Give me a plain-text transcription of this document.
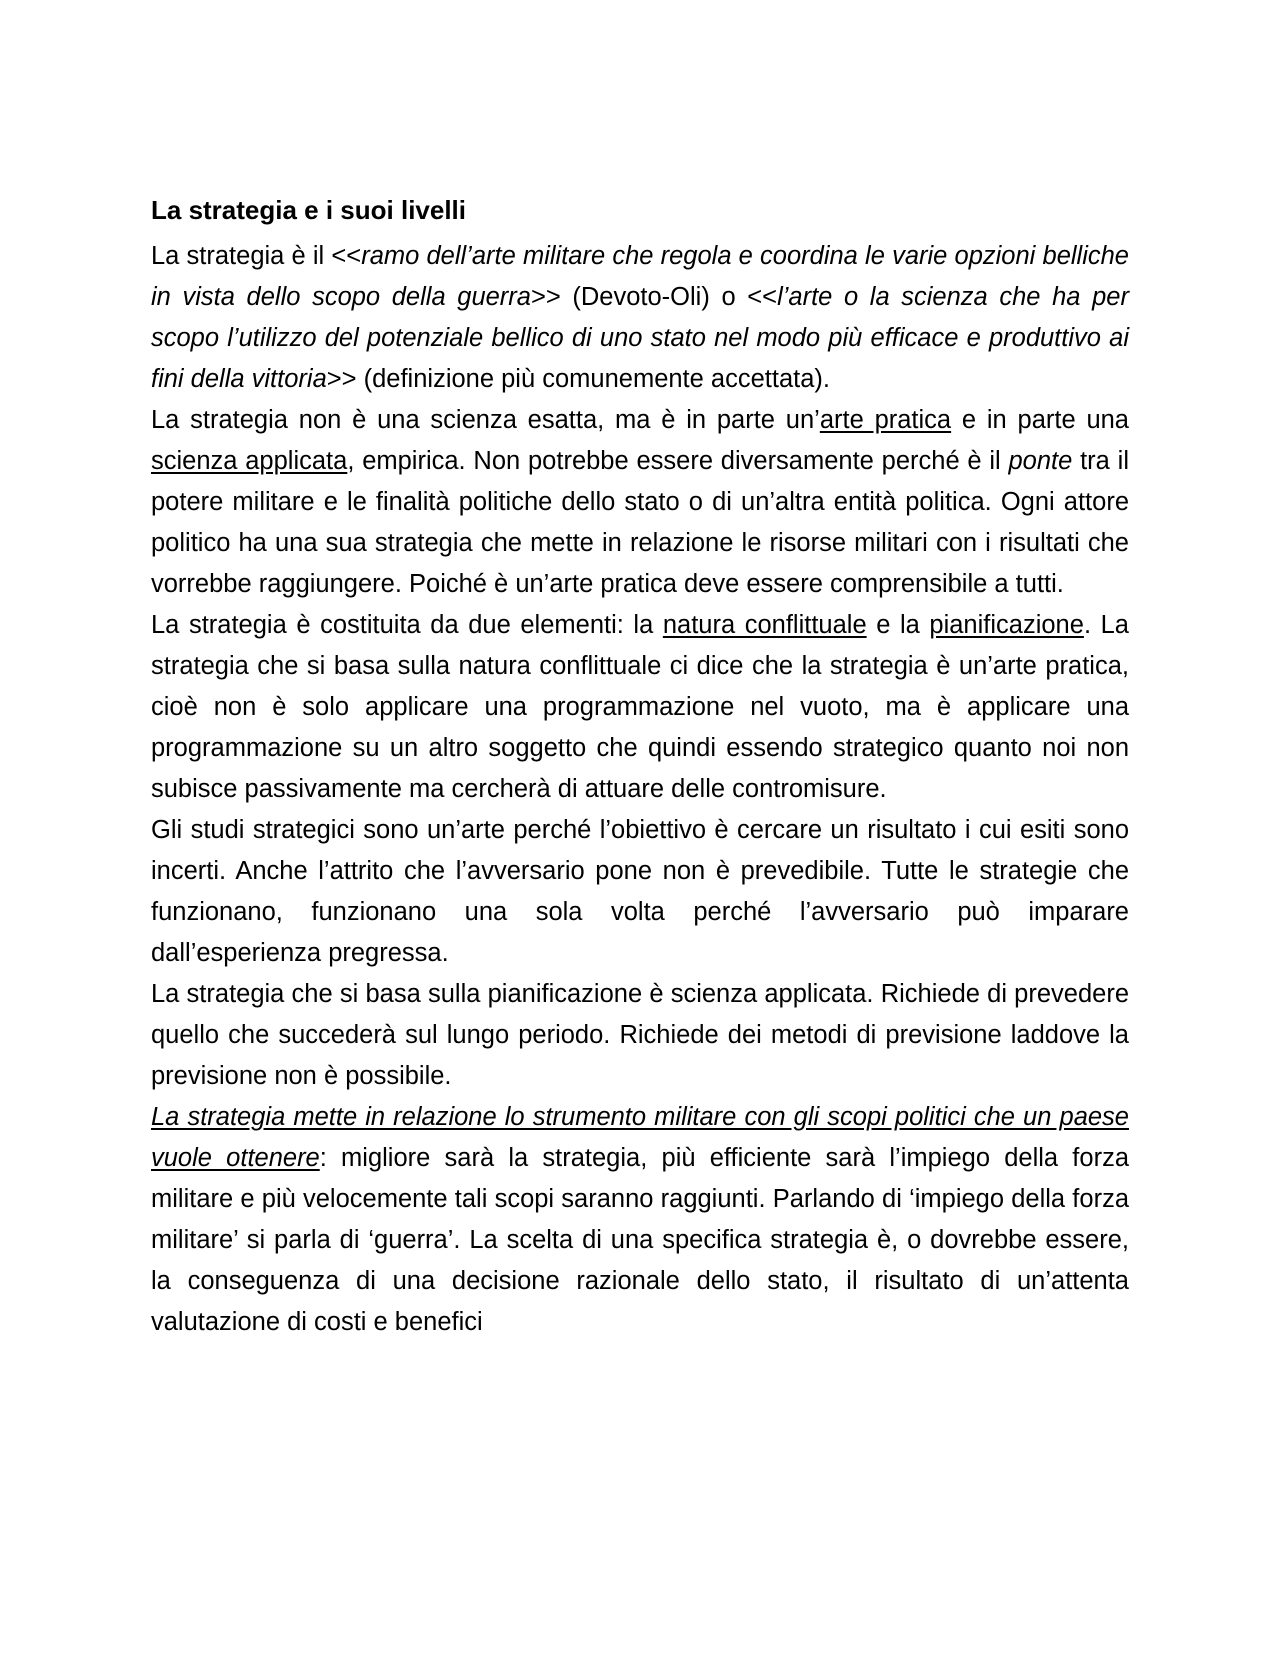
La strategia e i suoi livelli

La strategia è il <<ramo dell’arte militare che regola e coordina le varie opzioni belliche in vista dello scopo della guerra>> (Devoto-Oli) o <<l’arte o la scienza che ha per scopo l’utilizzo del potenziale bellico di uno stato nel modo più efficace e produttivo ai fini della vittoria>> (definizione più comunemente accettata).

La strategia non è una scienza esatta, ma è in parte un’arte pratica e in parte una scienza applicata, empirica. Non potrebbe essere diversamente perché è il ponte tra il potere militare e le finalità politiche dello stato o di un’altra entità politica. Ogni attore politico ha una sua strategia che mette in relazione le risorse militari con i risultati che vorrebbe raggiungere. Poiché è un’arte pratica deve essere comprensibile a tutti.

La strategia è costituita da due elementi: la natura conflittuale e la pianificazione. La strategia che si basa sulla natura conflittuale ci dice che la strategia è un’arte pratica, cioè non è solo applicare una programmazione nel vuoto, ma è applicare una programmazione su un altro soggetto che quindi essendo strategico quanto noi non subisce passivamente ma cercherà di attuare delle contromisure.

Gli studi strategici sono un’arte perché l’obiettivo è cercare un risultato i cui esiti sono incerti. Anche l’attrito che l’avversario pone non è prevedibile. Tutte le strategie che funzionano, funzionano una sola volta perché l’avversario può imparare dall’esperienza pregressa.

La strategia che si basa sulla pianificazione è scienza applicata. Richiede di prevedere quello che succederà sul lungo periodo. Richiede dei metodi di previsione laddove la previsione non è possibile.

La strategia mette in relazione lo strumento militare con gli scopi politici che un paese vuole ottenere: migliore sarà la strategia, più efficiente sarà l’impiego della forza militare e più velocemente tali scopi saranno raggiunti. Parlando di ‘impiego della forza militare’ si parla di ‘guerra’. La scelta di una specifica strategia è, o dovrebbe essere, la conseguenza di una decisione razionale dello stato, il risultato di un’attenta valutazione di costi e benefici
